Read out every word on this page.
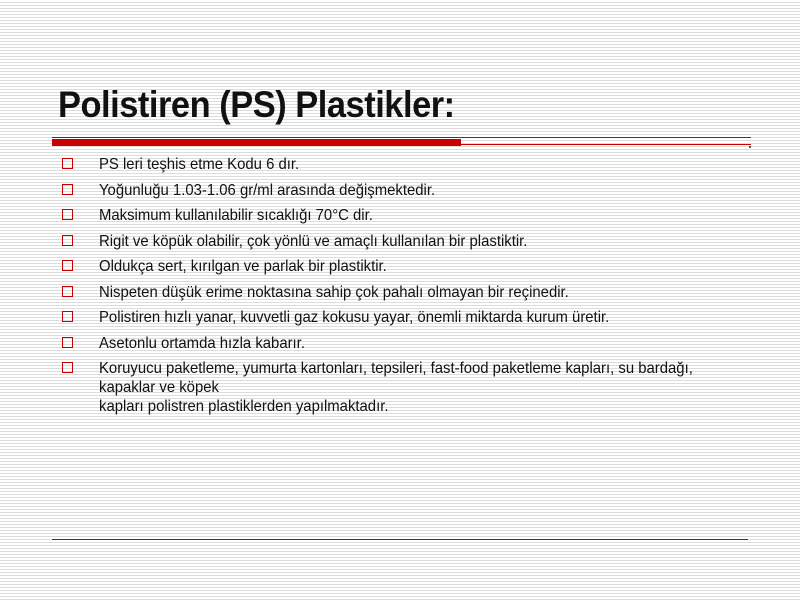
Polistiren (PS) Plastikler:
PS leri teşhis etme Kodu 6 dır.
Yoğunluğu 1.03-1.06 gr/ml arasında değişmektedir.
Maksimum kullanılabilir sıcaklığı 70°C dir.
Rigit ve köpük olabilir, çok yönlü ve amaçlı kullanılan bir plastiktir.
Oldukça sert, kırılgan ve parlak bir plastiktir.
Nispeten düşük erime noktasına sahip çok pahalı olmayan bir reçinedir.
Polistiren hızlı yanar, kuvvetli gaz kokusu yayar, önemli miktarda kurum üretir.
Asetonlu ortamda hızla kabarır.
Koruyucu paketleme, yumurta kartonları, tepsileri, fast-food paketleme kapları, su bardağı, kapaklar ve köpek
kapları polistren plastiklerden yapılmaktadır.
